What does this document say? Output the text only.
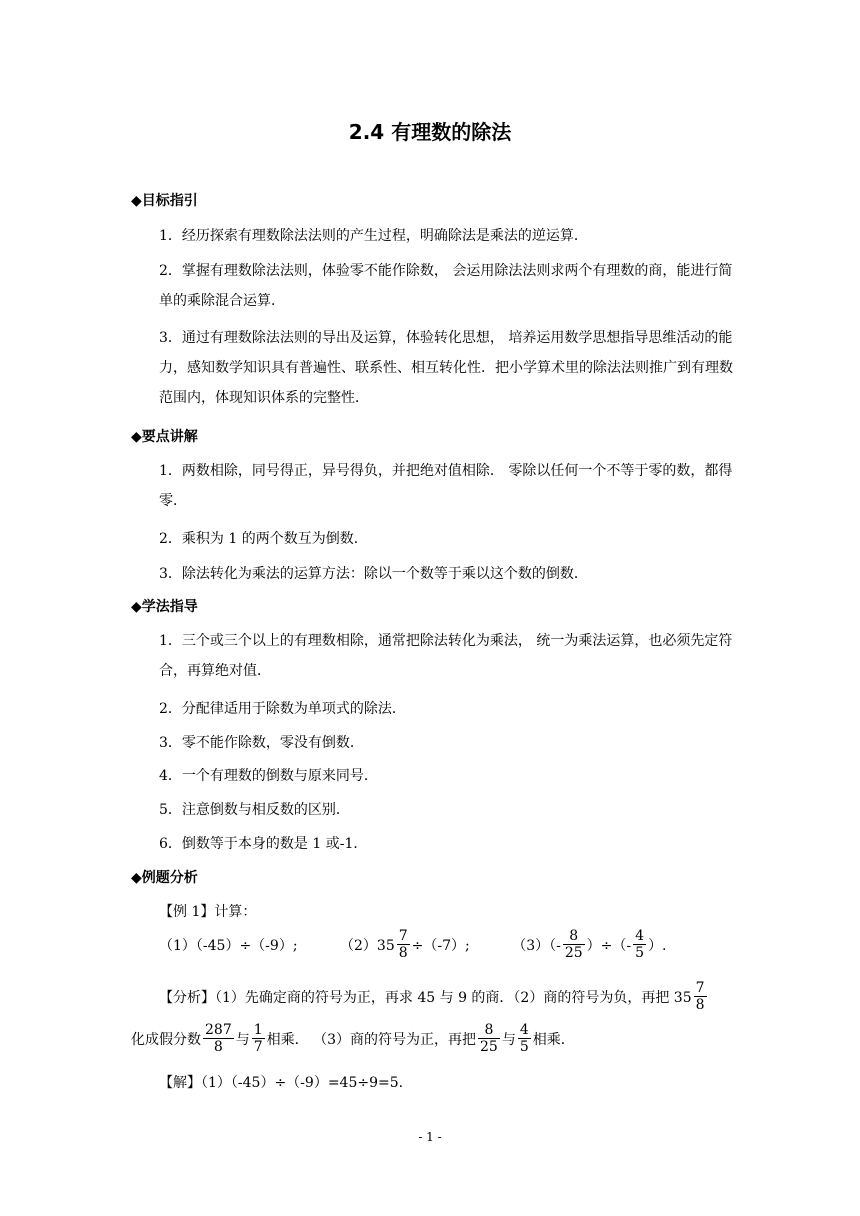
2.4 有理数的除法
◆目标指引
1．经历探索有理数除法法则的产生过程，明确除法是乘法的逆运算．
2．掌握有理数除法法则，体验零不能作除数， 会运用除法法则求两个有理数的商，能进行简单的乘除混合运算．
3．通过有理数除法法则的导出及运算，体验转化思想， 培养运用数学思想指导思维活动的能力，感知数学知识具有普遍性、联系性、相互转化性．把小学算术里的除法法则推广到有理数范围内，体现知识体系的完整性．
◆要点讲解
1．两数相除，同号得正，异号得负，并把绝对值相除． 零除以任何一个不等于零的数，都得零．
2．乘积为 1 的两个数互为倒数．
3．除法转化为乘法的运算方法：除以一个数等于乘以这个数的倒数．
◆学法指导
1．三个或三个以上的有理数相除，通常把除法转化为乘法， 统一为乘法运算，也必须先定符合，再算绝对值．
2．分配律适用于除数为单项式的除法．
3．零不能作除数，零没有倒数．
4．一个有理数的倒数与原来同号．
5．注意倒数与相反数的区别．
6．倒数等于本身的数是 1 或-1．
◆例题分析
【例 1】计算：
（1）（-45）÷（-9）;	$(2)35 \frac{7}{8} \div(-7)$;	$(3)(- \frac{8}{25}$ ）÷（- $\frac{4}{5}$ ）.
【分析】（1）先确定商的符号为正，再求 45 与 9 的商．（2）商的符号为负，再把 $35 \frac{7}{8}$
化成假分数 $\frac{287}{8}$ 与 $\frac{1}{7}$ 相乘． （3）商的符号为正，再把 $\frac{8}{25}$ 与 $\frac{4}{5}$ 相乘．
【解】（1）（-45）÷（-9）=45÷9=5.
- 1 -
